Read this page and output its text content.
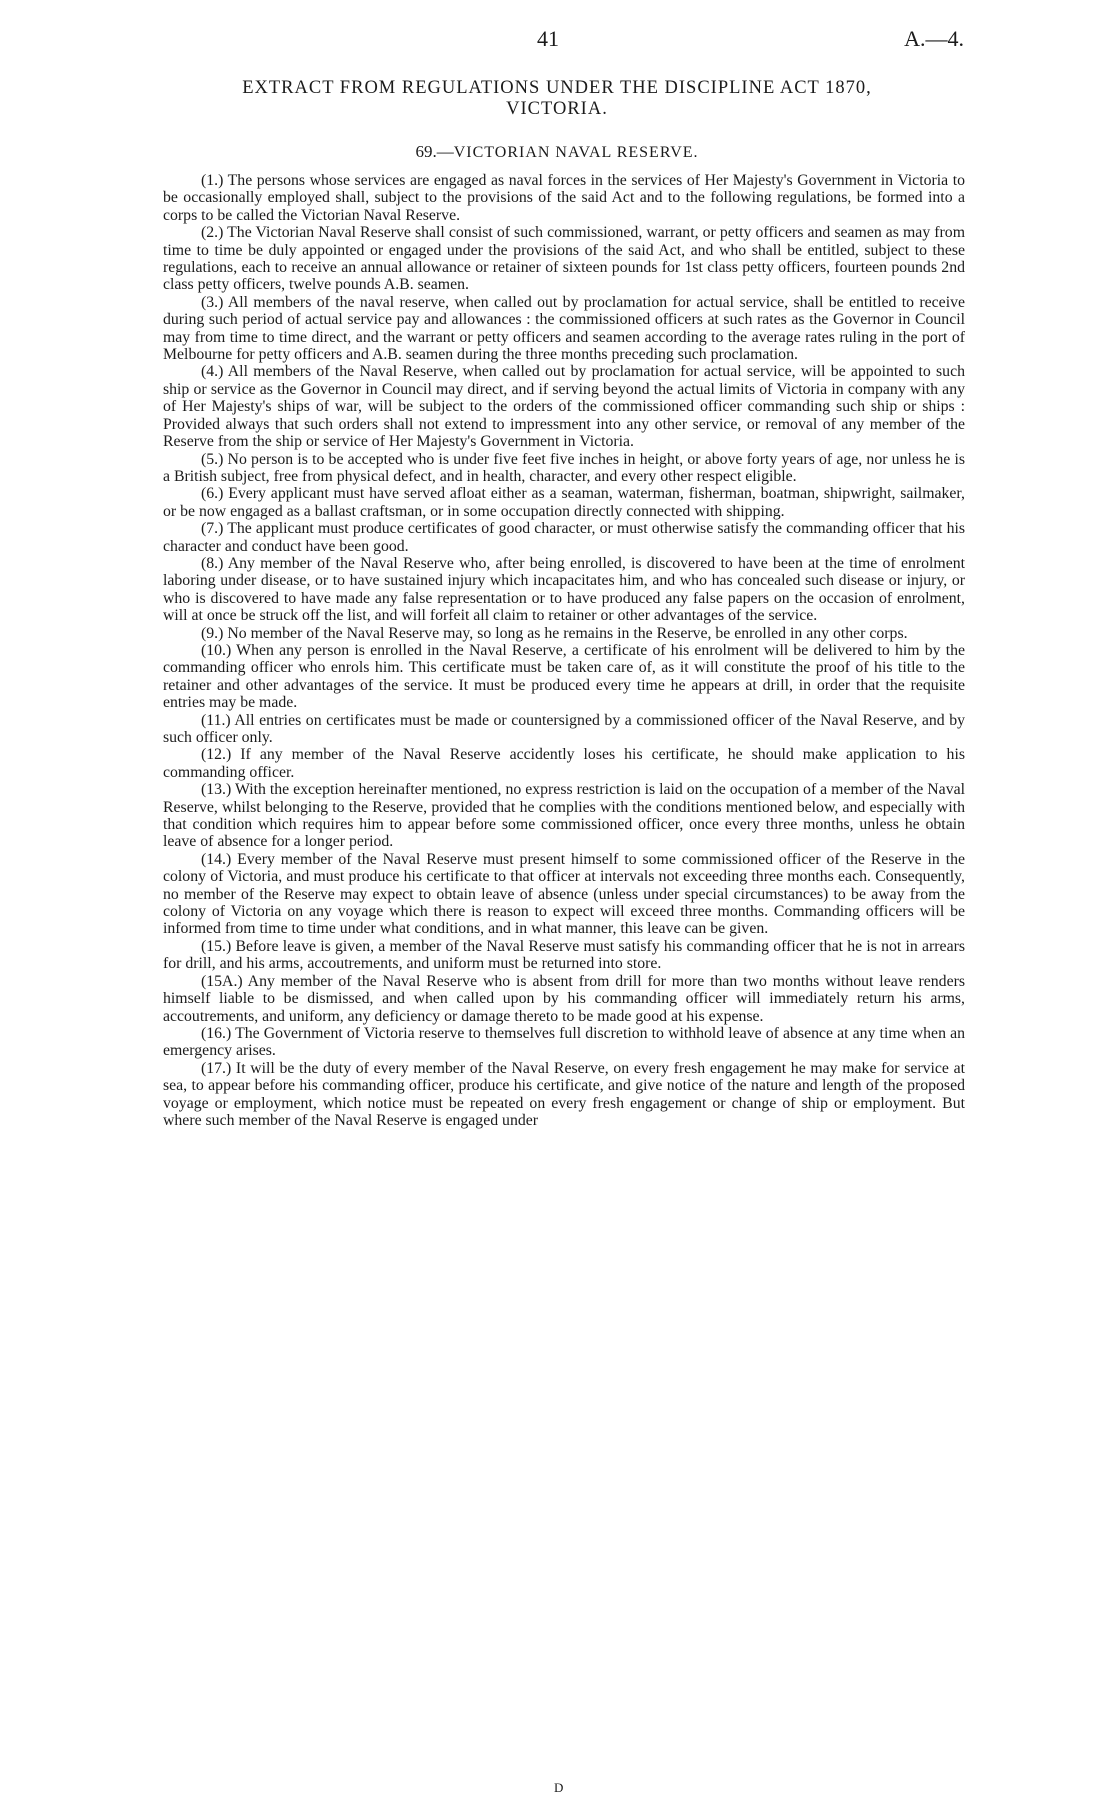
41	A.—4.
EXTRACT FROM REGULATIONS UNDER THE DISCIPLINE ACT 1870,
VICTORIA.
69.—VICTORIAN NAVAL RESERVE.

(1.) The persons whose services are engaged as naval forces in the services of Her Majesty's Government in Victoria to be occasionally employed shall, subject to the provisions of the said Act and to the following regulations, be formed into a corps to be called the Victorian Naval Reserve.

(2.) The Victorian Naval Reserve shall consist of such commissioned, warrant, or petty officers and seamen as may from time to time be duly appointed or engaged under the provisions of the said Act, and who shall be entitled, subject to these regulations, each to receive an annual allowance or retainer of sixteen pounds for 1st class petty officers, fourteen pounds 2nd class petty officers, twelve pounds A.B. seamen.

(3.) All members of the naval reserve, when called out by proclamation for actual service, shall be entitled to receive during such period of actual service pay and allowances : the commissioned officers at such rates as the Governor in Council may from time to time direct, and the warrant or petty officers and seamen according to the average rates ruling in the port of Melbourne for petty officers and A.B. seamen during the three months preceding such proclamation.

(4.) All members of the Naval Reserve, when called out by proclamation for actual service, will be appointed to such ship or service as the Governor in Council may direct, and if serving beyond the actual limits of Victoria in company with any of Her Majesty's ships of war, will be subject to the orders of the commissioned officer commanding such ship or ships : Provided always that such orders shall not extend to impressment into any other service, or removal of any member of the Reserve from the ship or service of Her Majesty's Government in Victoria.

(5.) No person is to be accepted who is under five feet five inches in height, or above forty years of age, nor unless he is a British subject, free from physical defect, and in health, character, and every other respect eligible.

(6.) Every applicant must have served afloat either as a seaman, waterman, fisherman, boatman, shipwright, sailmaker, or be now engaged as a ballast craftsman, or in some occupation directly connected with shipping.

(7.) The applicant must produce certificates of good character, or must otherwise satisfy the commanding officer that his character and conduct have been good.

(8.) Any member of the Naval Reserve who, after being enrolled, is discovered to have been at the time of enrolment laboring under disease, or to have sustained injury which incapacitates him, and who has concealed such disease or injury, or who is discovered to have made any false representation or to have produced any false papers on the occasion of enrolment, will at once be struck off the list, and will forfeit all claim to retainer or other advantages of the service.

(9.) No member of the Naval Reserve may, so long as he remains in the Reserve, be enrolled in any other corps.

(10.) When any person is enrolled in the Naval Reserve, a certificate of his enrolment will be delivered to him by the commanding officer who enrols him. This certificate must be taken care of, as it will constitute the proof of his title to the retainer and other advantages of the service. It must be produced every time he appears at drill, in order that the requisite entries may be made.

(11.) All entries on certificates must be made or countersigned by a commissioned officer of the Naval Reserve, and by such officer only.

(12.) If any member of the Naval Reserve accidently loses his certificate, he should make application to his commanding officer.

(13.) With the exception hereinafter mentioned, no express restriction is laid on the occupation of a member of the Naval Reserve, whilst belonging to the Reserve, provided that he complies with the conditions mentioned below, and especially with that condition which requires him to appear before some commissioned officer, once every three months, unless he obtain leave of absence for a longer period.

(14.) Every member of the Naval Reserve must present himself to some commissioned officer of the Reserve in the colony of Victoria, and must produce his certificate to that officer at intervals not exceeding three months each. Consequently, no member of the Reserve may expect to obtain leave of absence (unless under special circumstances) to be away from the colony of Victoria on any voyage which there is reason to expect will exceed three months. Commanding officers will be informed from time to time under what conditions, and in what manner, this leave can be given.

(15.) Before leave is given, a member of the Naval Reserve must satisfy his commanding officer that he is not in arrears for drill, and his arms, accoutrements, and uniform must be returned into store.

(15A.) Any member of the Naval Reserve who is absent from drill for more than two months without leave renders himself liable to be dismissed, and when called upon by his commanding officer will immediately return his arms, accoutrements, and uniform, any deficiency or damage thereto to be made good at his expense.

(16.) The Government of Victoria reserve to themselves full discretion to withhold leave of absence at any time when an emergency arises.

(17.) It will be the duty of every member of the Naval Reserve, on every fresh engagement he may make for service at sea, to appear before his commanding officer, produce his certificate, and give notice of the nature and length of the proposed voyage or employment, which notice must be repeated on every fresh engagement or change of ship or employment. But where such member of the Naval Reserve is engaged under

D
